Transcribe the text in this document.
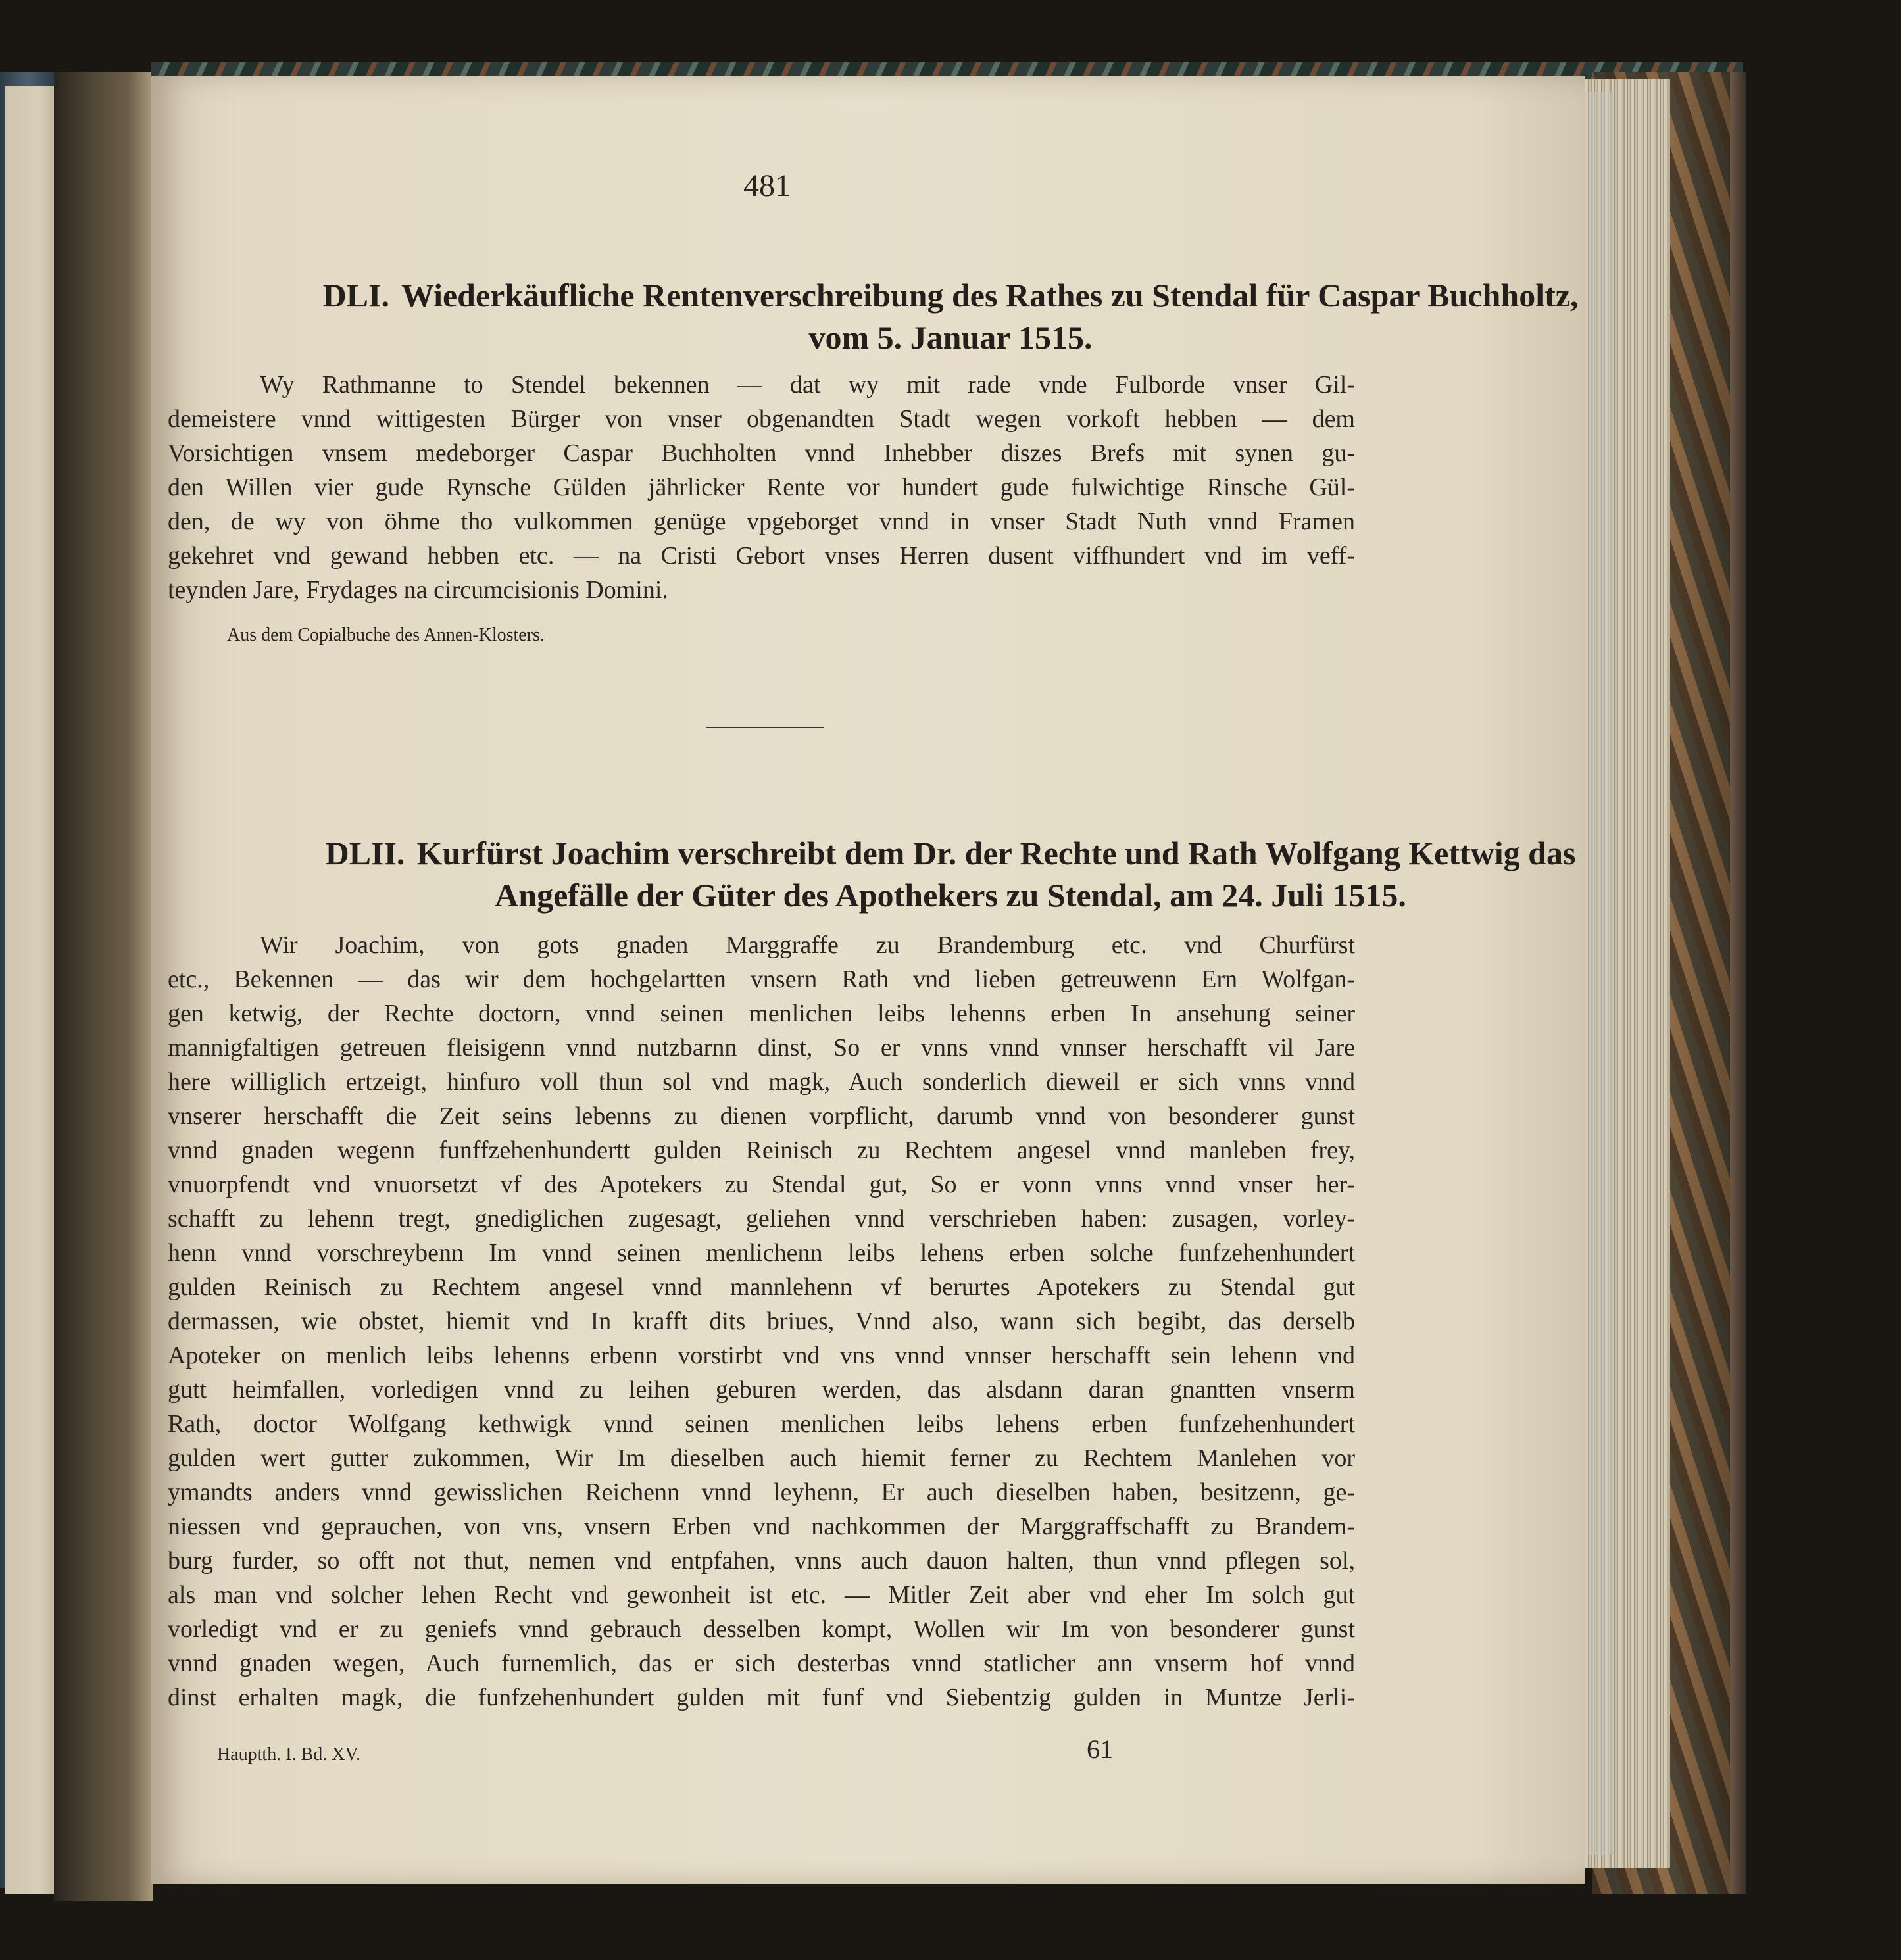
481
DLI. Wiederkäufliche Rentenverschreibung des Rathes zu Stendal für Caspar Buchholtz,
vom 5. Januar 1515.
Wy Rathmanne to Stendel bekennen — dat wy mit rade vnde Fulborde vnser Gil-
demeistere vnnd wittigesten Bürger von vnser obgenandten Stadt wegen vorkoft hebben — dem
Vorsichtigen vnsem medeborger Caspar Buchholten vnnd Inhebber diszes Brefs mit synen gu-
den Willen vier gude Rynsche Gülden jährlicker Rente vor hundert gude fulwichtige Rinsche Gül-
den, de wy von öhme tho vulkommen genüge vpgeborget vnnd in vnser Stadt Nuth vnnd Framen
gekehret vnd gewand hebben etc. — na Cristi Gebort vnses Herren dusent viffhundert vnd im veff-
teynden Jare, Frydages na circumcisionis Domini.
Aus dem Copialbuche des Annen-Klosters.
DLII. Kurfürst Joachim verschreibt dem Dr. der Rechte und Rath Wolfgang Kettwig das
Angefälle der Güter des Apothekers zu Stendal, am 24. Juli 1515.
Wir Joachim, von gots gnaden Marggraffe zu Brandemburg etc. vnd Churfürst
etc., Bekennen — das wir dem hochgelartten vnsern Rath vnd lieben getreuwenn Ern Wolfgan-
gen ketwig, der Rechte doctorn, vnnd seinen menlichen leibs lehenns erben In ansehung seiner
mannigfaltigen getreuen fleisigenn vnnd nutzbarnn dinst, So er vnns vnnd vnnser herschafft vil Jare
here williglich ertzeigt, hinfuro voll thun sol vnd magk, Auch sonderlich dieweil er sich vnns vnnd
vnserer herschafft die Zeit seins lebenns zu dienen vorpflicht, darumb vnnd von besonderer gunst
vnnd gnaden wegenn funffzehenhundertt gulden Reinisch zu Rechtem angesel vnnd manleben frey,
vnuorpfendt vnd vnuorsetzt vf des Apotekers zu Stendal gut, So er vonn vnns vnnd vnser her-
schafft zu lehenn tregt, gnediglichen zugesagt, geliehen vnnd verschrieben haben: zusagen, vorley-
henn vnnd vorschreybenn Im vnnd seinen menlichenn leibs lehens erben solche funfzehenhundert
gulden Reinisch zu Rechtem angesel vnnd mannlehenn vf berurtes Apotekers zu Stendal gut
dermassen, wie obstet, hiemit vnd In krafft dits briues, Vnnd also, wann sich begibt, das derselb
Apoteker on menlich leibs lehenns erbenn vorstirbt vnd vns vnnd vnnser herschafft sein lehenn vnd
gutt heimfallen, vorledigen vnnd zu leihen geburen werden, das alsdann daran gnantten vnserm
Rath, doctor Wolfgang kethwigk vnnd seinen menlichen leibs lehens erben funfzehenhundert
gulden wert gutter zukommen, Wir Im dieselben auch hiemit ferner zu Rechtem Manlehen vor
ymandts anders vnnd gewisslichen Reichenn vnnd leyhenn, Er auch dieselben haben, besitzenn, ge-
niessen vnd geprauchen, von vns, vnsern Erben vnd nachkommen der Marggraffschafft zu Brandem-
burg furder, so offt not thut, nemen vnd entpfahen, vnns auch dauon halten, thun vnnd pflegen sol,
als man vnd solcher lehen Recht vnd gewonheit ist etc. — Mitler Zeit aber vnd eher Im solch gut
vorledigt vnd er zu geniefs vnnd gebrauch desselben kompt, Wollen wir Im von besonderer gunst
vnnd gnaden wegen, Auch furnemlich, das er sich desterbas vnnd statlicher ann vnserm hof vnnd
dinst erhalten magk, die funfzehenhundert gulden mit funf vnd Siebentzig gulden in Muntze Jerli-
Hauptth. I. Bd. XV.	61
